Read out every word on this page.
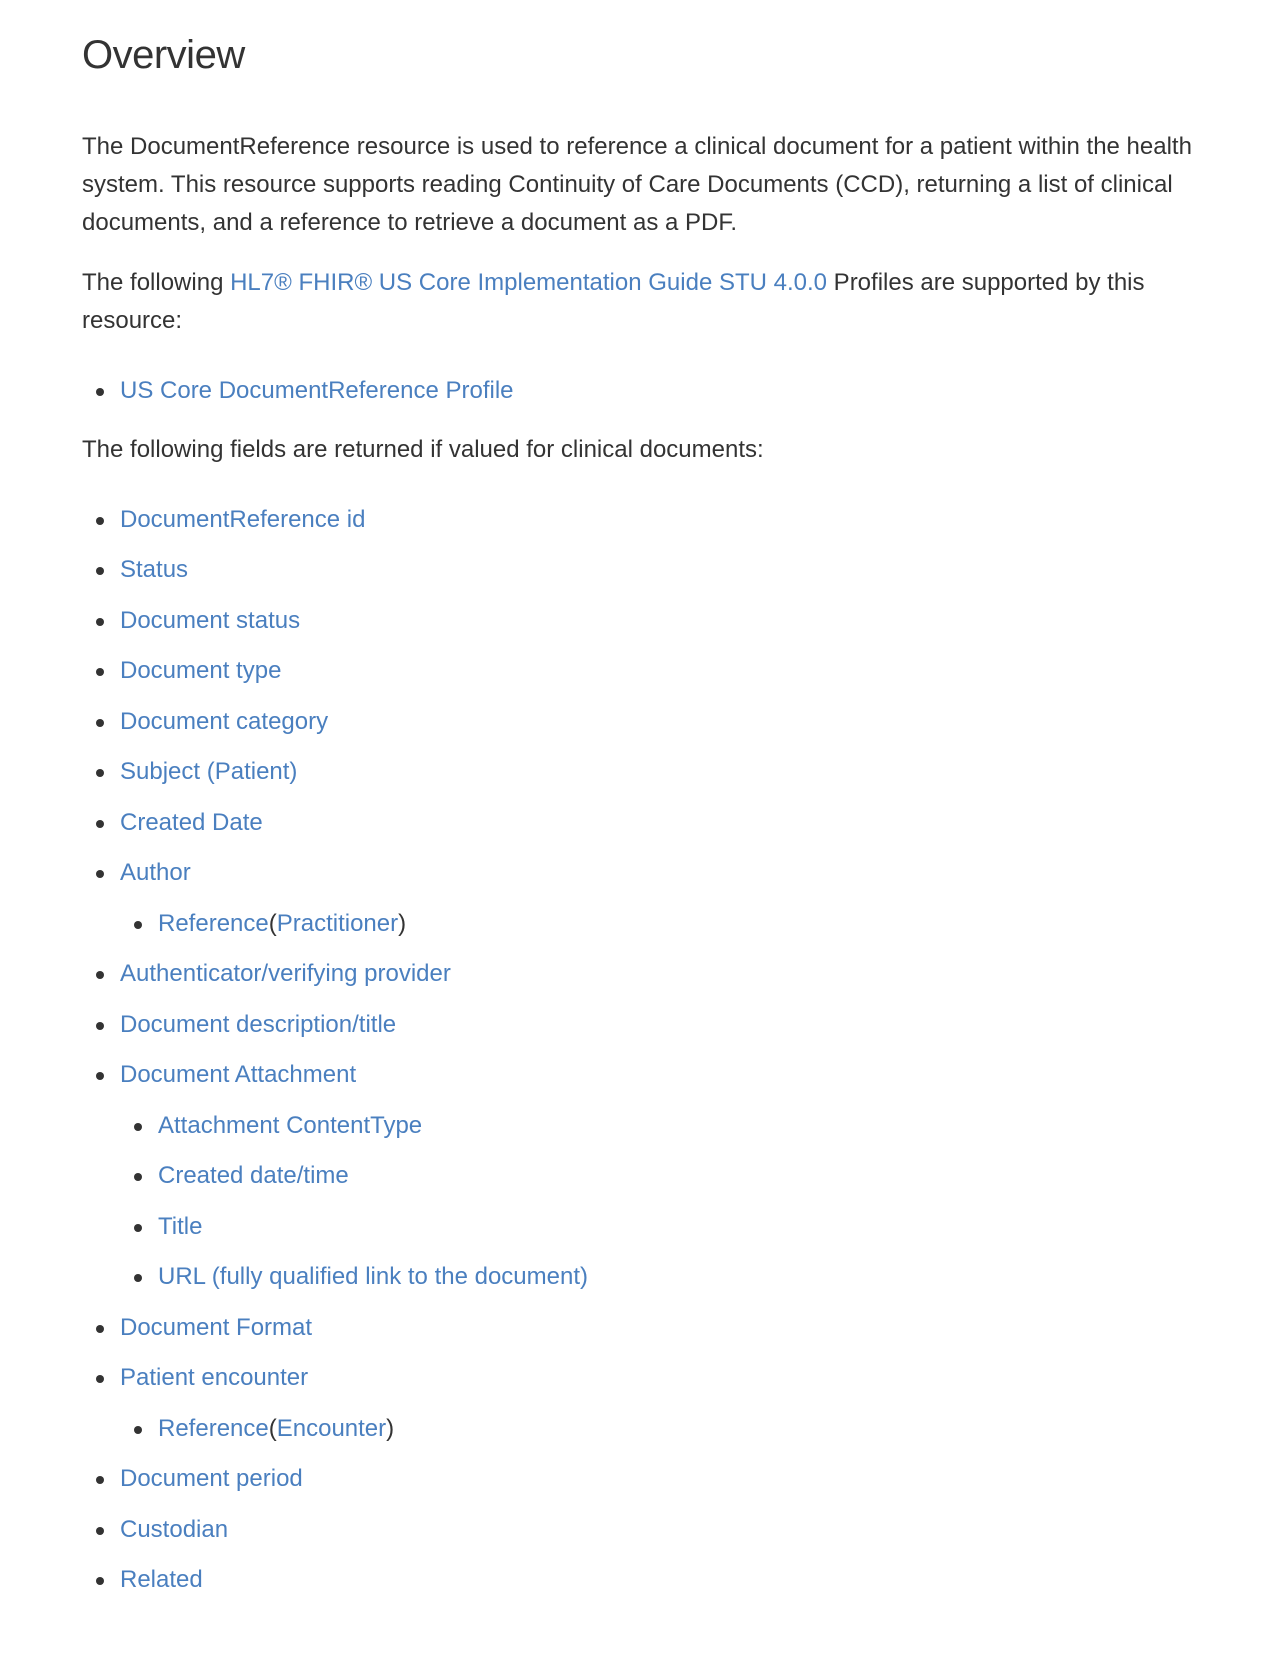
Overview

The DocumentReference resource is used to reference a clinical document for a patient within the health system. This resource supports reading Continuity of Care Documents (CCD), returning a list of clinical documents, and a reference to retrieve a document as a PDF.

The following HL7® FHIR® US Core Implementation Guide STU 4.0.0 Profiles are supported by this resource:

US Core DocumentReference Profile

The following fields are returned if valued for clinical documents:

DocumentReference id
Status
Document status
Document type
Document category
Subject (Patient)
Created Date
Author
Reference(Practitioner)
Authenticator/verifying provider
Document description/title
Document Attachment
Attachment ContentType
Created date/time
Title
URL (fully qualified link to the document)
Document Format
Patient encounter
Reference(Encounter)
Document period
Custodian
Related
